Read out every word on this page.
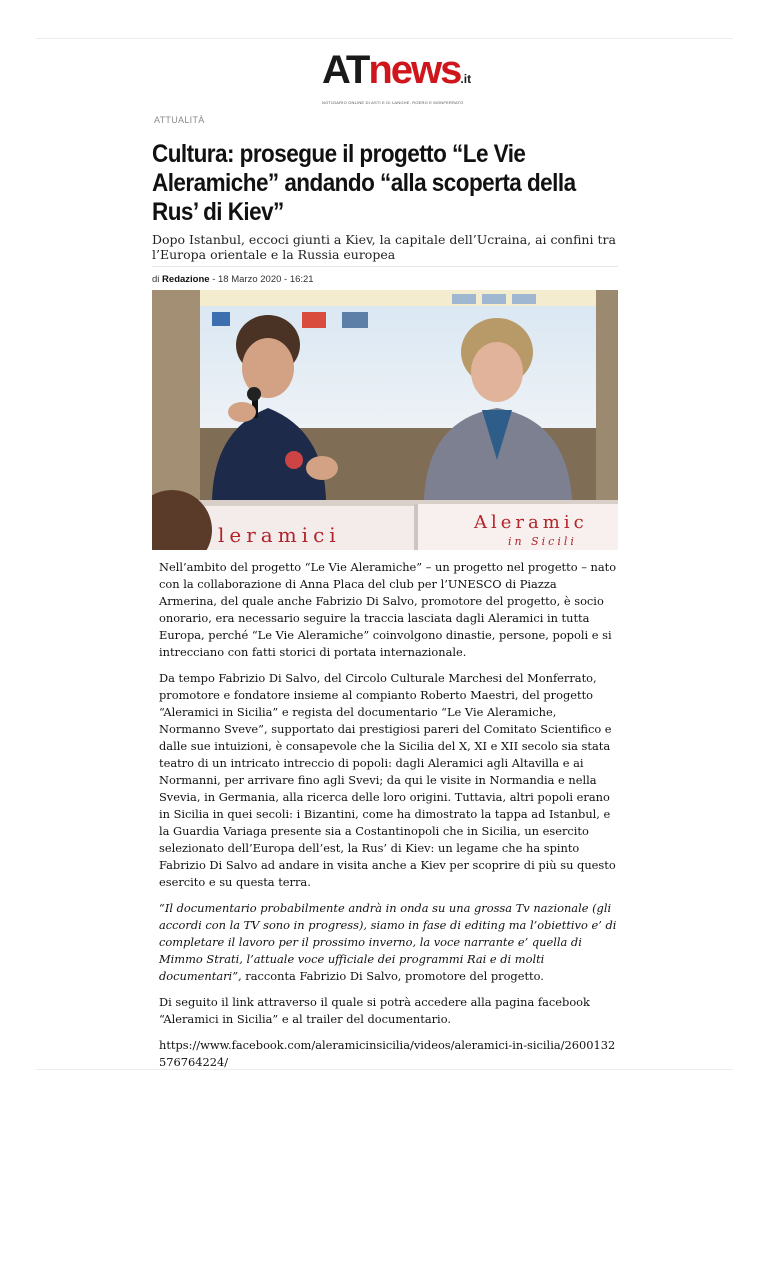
ATnews.it
NOTIZIARIO ONLINE DI ASTI E DI LANGHE, ROERO E MONFERRATO
ATTUALITÀ
Cultura: prosegue il progetto “Le Vie Aleramiche” andando “alla scoperta della Rus’ di Kiev”
Dopo Istanbul, eccoci giunti a Kiev, la capitale dell’Ucraina, ai confini tra l’Europa orientale e la Russia europea
di Redazione - 18 Marzo 2020 - 16:21
leramici
Aleramic
in Sicili

Nell’ambito del progetto “Le Vie Aleramiche” – un progetto nel progetto – nato con la collaborazione di Anna Placa del club per l’UNESCO di Piazza Armerina, del quale anche Fabrizio Di Salvo, promotore del progetto, è socio onorario, era necessario seguire la traccia lasciata dagli Aleramici in tutta Europa, perché “Le Vie Aleramiche” coinvolgono dinastie, persone, popoli e si intrecciano con fatti storici di portata internazionale.

Da tempo Fabrizio Di Salvo, del Circolo Culturale Marchesi del Monferrato, promotore e fondatore insieme al compianto Roberto Maestri, del progetto “Aleramici in Sicilia” e regista del documentario “Le Vie Aleramiche, Normanno Sveve”, supportato dai prestigiosi pareri del Comitato Scientifico e dalle sue intuizioni, è consapevole che la Sicilia del X, XI e XII secolo sia stata teatro di un intricato intreccio di popoli: dagli Aleramici agli Altavilla e ai Normanni, per arrivare fino agli Svevi; da qui le visite in Normandia e nella Svevia, in Germania, alla ricerca delle loro origini. Tuttavia, altri popoli erano in Sicilia in quei secoli: i Bizantini, come ha dimostrato la tappa ad Istanbul, e la Guardia Variaga presente sia a Costantinopoli che in Sicilia, un esercito selezionato dell’Europa dell’est, la Rus’ di Kiev: un legame che ha spinto Fabrizio Di Salvo ad andare in visita anche a Kiev per scoprire di più su questo esercito e su questa terra.

“Il documentario probabilmente andrà in onda su una grossa Tv nazionale (gli accordi con la TV sono in progress), siamo in fase di editing ma l’obiettivo e’ di completare il lavoro per il prossimo inverno, la voce narrante e’ quella di Mimmo Strati, l’attuale voce ufficiale dei programmi Rai e di molti documentari”, racconta Fabrizio Di Salvo, promotore del progetto.

Di seguito il link attraverso il quale si potrà accedere alla pagina facebook “Aleramici in Sicilia” e al trailer del documentario.

https://www.facebook.com/aleramicinsicilia/videos/aleramici-in-sicilia/2600132576764224/
